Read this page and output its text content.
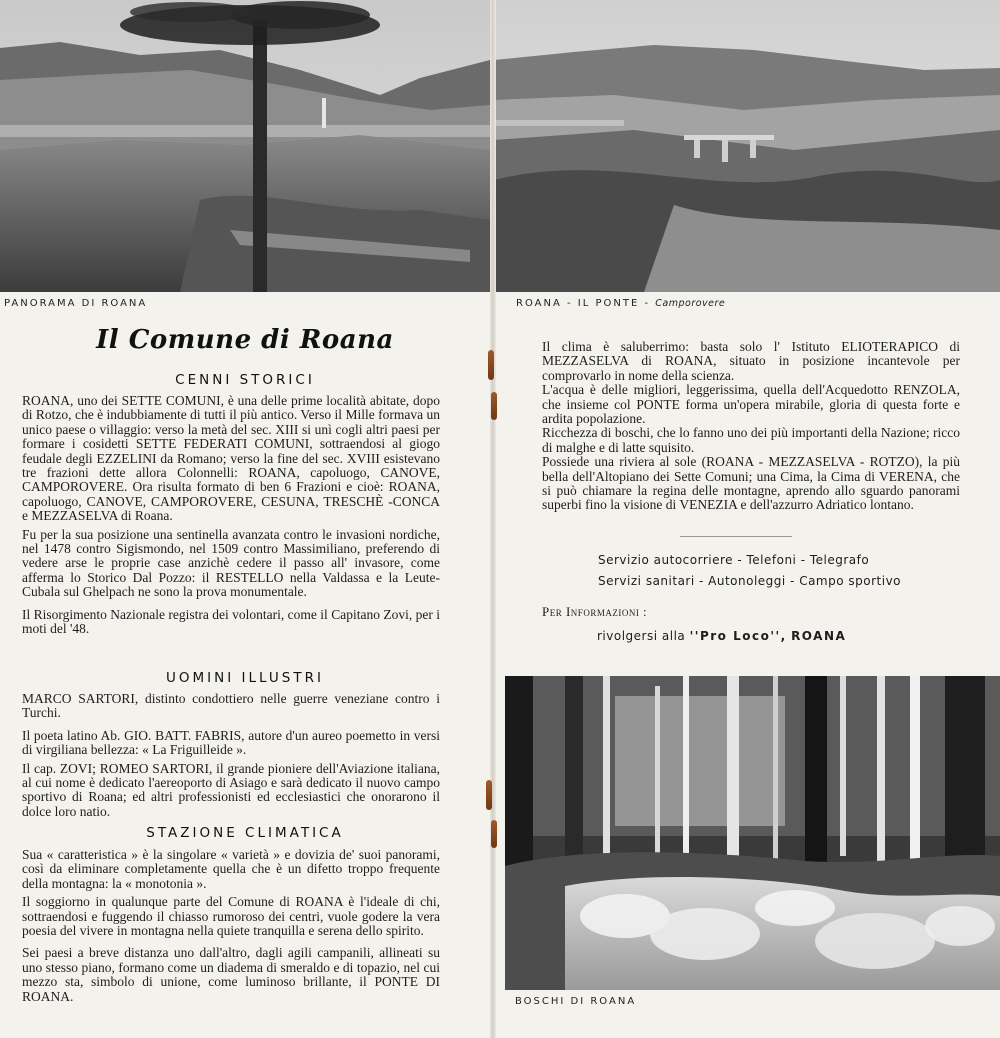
PANORAMA DI ROANA	ROANA - IL PONTE - Camporovere
Il Comune di Roana
CENNI STORICI

ROANA, uno dei SETTE COMUNI, è una delle prime località abitate, dopo di Rotzo, che è indubbiamente di tutti il più antico. Verso il Mille formava un unico paese o villaggio: verso la metà del sec. XIII si unì cogli altri paesi per formare i cosidetti SETTE FEDERATI COMUNI, sottraendosi al giogo feudale degli EZZELINI da Romano; verso la fine del sec. XVIII esistevano tre frazioni dette allora Colonnelli: ROANA, capoluogo, CANOVE, CAMPOROVERE. Ora risulta formato di ben 6 Frazioni e cioè: ROANA, capoluogo, CANOVE, CAMPOROVERE, CESUNA, TRESCHÈ -CONCA e MEZZASELVA di Roana.

Fu per la sua posizione una sentinella avanzata contro le invasioni nordiche, nel 1478 contro Sigismondo, nel 1509 contro Massimiliano, preferendo di vedere arse le proprie case anzichè cedere il passo all' invasore, come afferma lo Storico Dal Pozzo: il RESTELLO nella Valdassa e la Leute-Cubala sul Ghelpach ne sono la prova monumentale.

Il Risorgimento Nazionale registra dei volontari, come il Capitano Zovi, per i moti del '48.

UOMINI ILLUSTRI

MARCO SARTORI, distinto condottiero nelle guerre veneziane contro i Turchi.

Il poeta latino Ab. GIO. BATT. FABRIS, autore d'un aureo poemetto in versi di virgiliana bellezza: « La Friguilleide ».

Il cap. ZOVI; ROMEO SARTORI, il grande pioniere dell'Aviazione italiana, al cui nome è dedicato l'aereoporto di Asiago e sarà dedicato il nuovo campo sportivo di Roana; ed altri professionisti ed ecclesiastici che onorarono il dolce loro natio.

STAZIONE CLIMATICA

Sua « caratteristica » è la singolare « varietà » e dovizia de' suoi panorami, così da eliminare completamente quella che è un difetto troppo frequente della montagna: la « monotonia ».

Il soggiorno in qualunque parte del Comune di ROANA è l'ideale di chi, sottraendosi e fuggendo il chiasso rumoroso dei centri, vuole godere la vera poesia del vivere in montagna nella quiete tranquilla e serena dello spirito.

Sei paesi a breve distanza uno dall'altro, dagli agili campanili, allineati su uno stesso piano, formano come un diadema di smeraldo e di topazio, nel cui mezzo sta, simbolo di unione, come luminoso brillante, il PONTE DI ROANA.

Il clima è saluberrimo: basta solo l' Istituto ELIOTERAPICO di MEZZASELVA di ROANA, situato in posizione incantevole per comprovarlo in nome della scienza.

L'acqua è delle migliori, leggerissima, quella dell'Acquedotto RENZOLA, che insieme col PONTE forma un'opera mirabile, gloria di questa forte e ardita popolazione.

Ricchezza di boschi, che lo fanno uno dei più importanti della Nazione; ricco di malghe e di latte squisito.

Possiede una riviera al sole (ROANA - MEZZASELVA - ROTZO), la più bella dell'Altopiano dei Sette Comuni; una Cima, la Cima di VERENA, che si può chiamare la regina delle montagne, aprendo allo sguardo panorami superbi fino la visione di VENEZIA e dell'azzurro Adriatico lontano.

Servizio autocorriere - Telefoni - Telegrafo
Servizi sanitari - Autonoleggi - Campo sportivo
Per Informazioni :
rivolgersi alla ''Pro Loco'', ROANA
BOSCHI DI ROANA
